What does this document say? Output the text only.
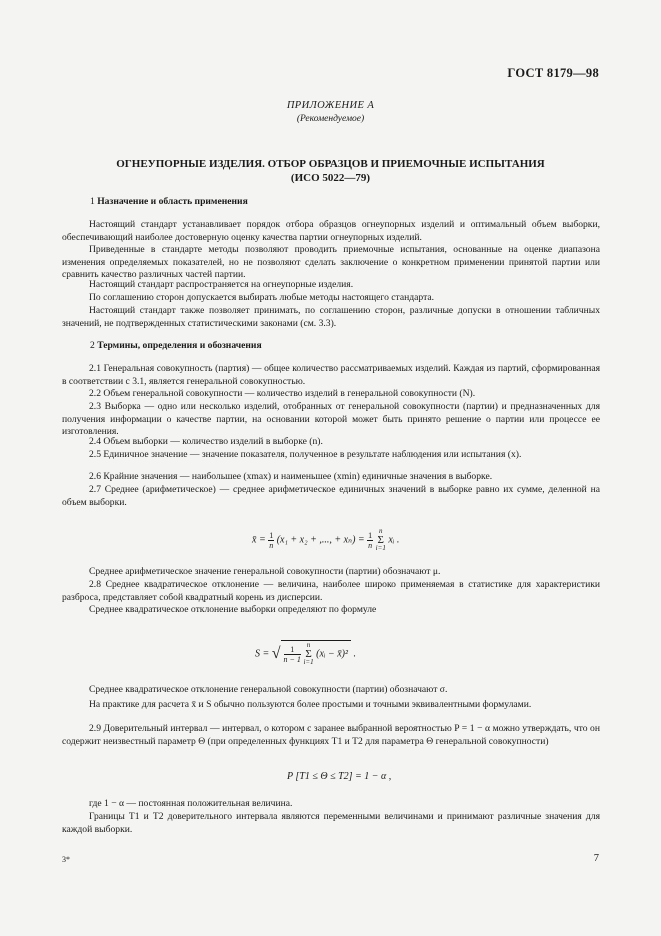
ГОСТ 8179—98
ПРИЛОЖЕНИЕ А
(Рекомендуемое)
ОГНЕУПОРНЫЕ ИЗДЕЛИЯ. ОТБОР ОБРАЗЦОВ И ПРИЕМОЧНЫЕ ИСПЫТАНИЯ
(ИСО 5022—79)
1 Назначение и область применения
Настоящий стандарт устанавливает порядок отбора образцов огнеупорных изделий и оптимальный объем выборки, обеспечивающий наиболее достоверную оценку качества партии огнеупорных изделий.
Приведенные в стандарте методы позволяют проводить приемочные испытания, основанные на оценке диапазона изменения определяемых показателей, но не позволяют сделать заключение о конкретном применении принятой партии или сравнить качество различных частей партии.
Настоящий стандарт распространяется на огнеупорные изделия.
По соглашению сторон допускается выбирать любые методы настоящего стандарта.
Настоящий стандарт также позволяет принимать, по соглашению сторон, различные допуски в отношении табличных значений, не подтвержденных статистическими законами (см. 3.3).
2 Термины, определения и обозначения
2.1 Генеральная совокупность (партия) — общее количество рассматриваемых изделий. Каждая из партий, сформированная в соответствии с 3.1, является генеральной совокупностью.
2.2 Объем генеральной совокупности — количество изделий в генеральной совокупности (N).
2.3 Выборка — одно или несколько изделий, отобранных от генеральной совокупности (партии) и предназначенных для получения информации о качестве партии, на основании которой может быть принято решение о партии или процессе ее изготовления.
2.4 Объем выборки — количество изделий в выборке (n).
2.5 Единичное значение — значение показателя, полученное в результате наблюдения или испытания (x).
2.6 Крайние значения — наибольшее (xmax) и наименьшее (xmin) единичные значения в выборке.
2.7 Среднее (арифметическое) — среднее арифметическое единичных значений в выборке равно их сумме, деленной на объем выборки.
x̄ = $\frac{1}{n} (x_1 + x_2$ + ,..., + $x_n) = \frac{1}{n}$ n
Σ
i=1 xᵢ .
Среднее арифметическое значение генеральной совокупности (партии) обозначают μ.
2.8 Среднее квадратическое отклонение — величина, наиболее широко применяемая в статистике для характеристики разброса, представляет собой квадратный корень из дисперсии.
Среднее квадратическое отклонение выборки определяют по формуле
S = √ $\frac{1}{n - 1}$ n
Σ
i=1 (xᵢ − x̄)² .
Среднее квадратическое отклонение генеральной совокупности (партии) обозначают σ.
На практике для расчета x̄ и S обычно пользуются более простыми и точными эквивалентными формулами.
2.9 Доверительный интервал — интервал, о котором с заранее выбранной вероятностью P = 1 − α можно утверждать, что он содержит неизвестный параметр Θ (при определенных функциях T1 и T2 для параметра Θ генеральной совокупности)
P [T1 ≤ Θ ≤ T2] = 1 − α ,
где 1 − α — постоянная положительная величина.
Границы T1 и T2 доверительного интервала являются переменными величинами и принимают различные значения для каждой выборки.
3*	7
